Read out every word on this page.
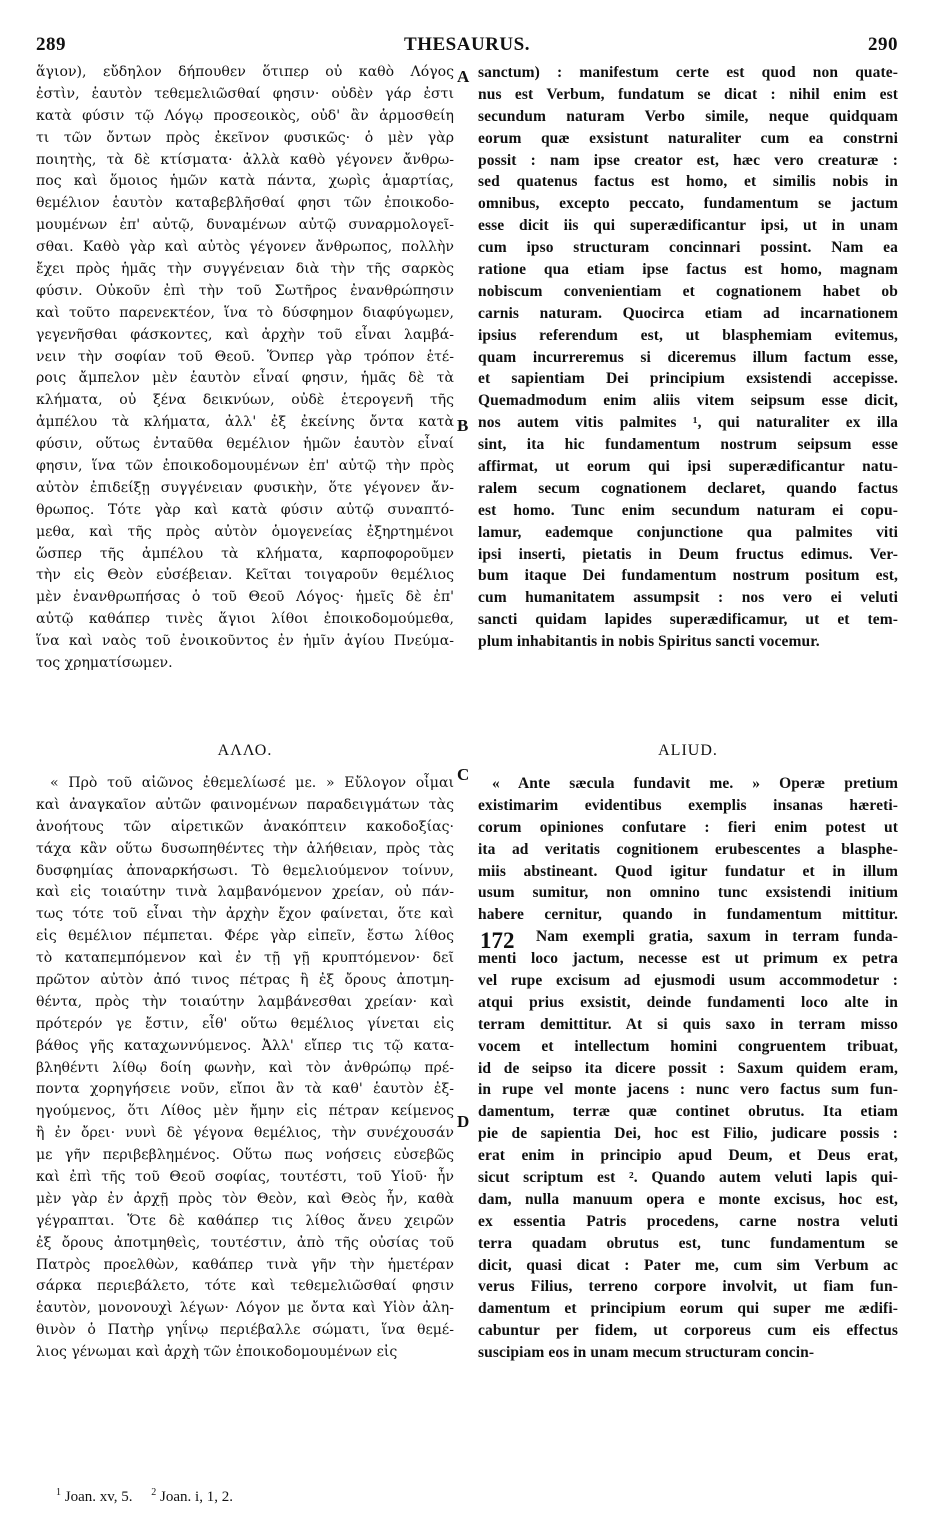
289	THESAURUS.	290
ἅγιον), εὔδηλον δήπουθεν ὅτιπερ οὐ καθὸ Λόγος
ἐστὶν, ἑαυτὸν τεθεμελιῶσθαί φησιν· οὐδὲν γάρ ἐστι
κατὰ φύσιν τῷ Λόγῳ προσεοικὸς, οὐδ' ἂν ἁρμοσθείη
τι τῶν ὄντων πρὸς ἐκεῖνον φυσικῶς· ὁ μὲν γὰρ
ποιητὴς, τὰ δὲ κτίσματα· ἀλλὰ καθὸ γέγονεν ἄνθρω-
πος καὶ ὅμοιος ἡμῶν κατὰ πάντα, χωρὶς ἁμαρτίας,
θεμέλιον ἑαυτὸν καταβεβλῆσθαί φησι τῶν ἐποικοδο-
μουμένων ἐπ' αὐτῷ, δυναμένων αὐτῷ συναρμολογεῖ-
σθαι. Καθὸ γὰρ καὶ αὐτὸς γέγονεν ἄνθρωπος, πολλὴν
ἔχει πρὸς ἡμᾶς τὴν συγγένειαν διὰ τὴν τῆς σαρκὸς
φύσιν. Οὐκοῦν ἐπὶ τὴν τοῦ Σωτῆρος ἐνανθρώπησιν
καὶ τοῦτο παρενεκτέον, ἵνα τὸ δύσφημον διαφύγωμεν,
γεγενῆσθαι φάσκοντες, καὶ ἀρχὴν τοῦ εἶναι λαμβά-
νειν τὴν σοφίαν τοῦ Θεοῦ. Ὅνπερ γὰρ τρόπον ἑτέ-
ροις ἄμπελον μὲν ἑαυτὸν εἶναί φησιν, ἡμᾶς δὲ τὰ
κλήματα, οὐ ξένα δεικνύων, οὐδὲ ἑτερογενῆ τῆς
ἀμπέλου τὰ κλήματα, ἀλλ' ἐξ ἐκείνης ὄντα κατὰ
φύσιν, οὕτως ἐνταῦθα θεμέλιον ἡμῶν ἑαυτὸν εἶναί
φησιν, ἵνα τῶν ἐποικοδομουμένων ἐπ' αὐτῷ τὴν πρὸς
αὐτὸν ἐπιδείξῃ συγγένειαν φυσικὴν, ὅτε γέγονεν ἄν-
θρωπος. Τότε γὰρ καὶ κατὰ φύσιν αὐτῷ συναπτό-
μεθα, καὶ τῆς πρὸς αὐτὸν ὁμογενείας ἐξηρτημένοι
ὥσπερ τῆς ἀμπέλου τὰ κλήματα, καρποφοροῦμεν
τὴν εἰς Θεὸν εὐσέβειαν. Κεῖται τοιγαροῦν θεμέλιος
μὲν ἐνανθρωπήσας ὁ τοῦ Θεοῦ Λόγος· ἡμεῖς δὲ ἐπ'
αὐτῷ καθάπερ τινὲς ἅγιοι λίθοι ἐποικοδομούμεθα,
ἵνα καὶ ναὸς τοῦ ἐνοικοῦντος ἐν ἡμῖν ἁγίου Πνεύμα-
τος χρηματίσωμεν.
sanctum) : manifestum certe est quod non quate-
nus est Verbum, fundatum se dicat : nihil enim est
secundum naturam Verbo simile, neque quidquam
eorum quæ exsistunt naturaliter cum ea constrni
possit : nam ipse creator est, hæc vero creaturæ :
sed quatenus factus est homo, et similis nobis in
omnibus, excepto peccato, fundamentum se jactum
esse dicit iis qui superædificantur ipsi, ut in unam
cum ipso structuram concinnari possint. Nam ea
ratione qua etiam ipse factus est homo, magnam
nobiscum convenientiam et cognationem habet ob
carnis naturam. Quocirca etiam ad incarnationem
ipsius referendum est, ut blasphemiam evitemus,
quam incurreremus si diceremus illum factum esse,
et sapientiam Dei principium exsistendi accepisse.
Quemadmodum enim aliis vitem seipsum esse dicit,
nos autem vitis palmites ¹, qui naturaliter ex illa
sint, ita hic fundamentum nostrum seipsum esse
affirmat, ut eorum qui ipsi superædificantur natu-
ralem secum cognationem declaret, quando factus
est homo. Tunc enim secundum naturam ei copu-
lamur, eademque conjunctione qua palmites viti
ipsi inserti, pietatis in Deum fructus edimus. Ver-
bum itaque Dei fundamentum nostrum positum est,
cum humanitatem assumpsit : nos vero ei veluti
sancti quidam lapides superædificamur, ut et tem-
plum inhabitantis in nobis Spiritus sancti vocemur.
A
B
C
D
ΑΛΛΟ.	ALIUD.
« Πρὸ τοῦ αἰῶνος ἐθεμελίωσέ με. » Εὔλογον οἶμαι
καὶ ἀναγκαῖον αὐτῶν φαινομένων παραδειγμάτων τὰς
ἀνοήτους τῶν αἱρετικῶν ἀνακόπτειν κακοδοξίας·
τάχα κἂν οὕτω δυσωπηθέντες τὴν ἀλήθειαν, πρὸς τὰς
δυσφημίας ἀποναρκήσωσι. Τὸ θεμελιούμενον τοίνυν,
καὶ εἰς τοιαύτην τινὰ λαμβανόμενον χρείαν, οὐ πάν-
τως τότε τοῦ εἶναι τὴν ἀρχὴν ἔχον φαίνεται, ὅτε καὶ
εἰς θεμέλιον πέμπεται. Φέρε γὰρ εἰπεῖν, ἔστω λίθος
τὸ καταπεμπόμενον καὶ ἐν τῇ γῇ κρυπτόμενον· δεῖ
πρῶτον αὐτὸν ἀπό τινος πέτρας ἢ ἐξ ὄρους ἀποτμη-
θέντα, πρὸς τὴν τοιαύτην λαμβάνεσθαι χρείαν· καὶ
πρότερόν γε ἔστιν, εἶθ' οὕτω θεμέλιος γίνεται εἰς
βάθος γῆς καταχωννύμενος. Ἀλλ' εἴπερ τις τῷ κατα-
βληθέντι λίθῳ δοίη φωνὴν, καὶ τὸν ἀνθρώπῳ πρέ-
ποντα χορηγήσειε νοῦν, εἴποι ἂν τὰ καθ' ἑαυτὸν ἐξ-
ηγούμενος, ὅτι Λίθος μὲν ἤμην εἰς πέτραν κείμενος
ἢ ἐν ὄρει· νυνὶ δὲ γέγονα θεμέλιος, τὴν συνέχουσάν
με γῆν περιβεβλημένος. Οὕτω πως νοήσεις εὐσεβῶς
καὶ ἐπὶ τῆς τοῦ Θεοῦ σοφίας, τουτέστι, τοῦ Υἱοῦ· ἦν
μὲν γὰρ ἐν ἀρχῇ πρὸς τὸν Θεὸν, καὶ Θεὸς ἦν, καθὰ
γέγραπται. Ὅτε δὲ καθάπερ τις λίθος ἄνευ χειρῶν
ἐξ ὄρους ἀποτμηθεὶς, τουτέστιν, ἀπὸ τῆς οὐσίας τοῦ
Πατρὸς προελθὼν, καθάπερ τινὰ γῆν τὴν ἡμετέραν
σάρκα περιεβάλετο, τότε καὶ τεθεμελιῶσθαί φησιν
ἑαυτὸν, μονονουχὶ λέγων· Λόγον με ὄντα καὶ Υἱὸν ἀλη-
θινὸν ὁ Πατὴρ γηΐνῳ περιέβαλλε σώματι, ἵνα θεμέ-
λιος γένωμαι καὶ ἀρχὴ τῶν ἐποικοδομουμένων εἰς
« Ante sæcula fundavit me. » Operæ pretium
existimarim evidentibus exemplis insanas hæreti-
corum opiniones confutare : fieri enim potest ut
ita ad veritatis cognitionem erubescentes a blasphe-
miis abstineant. Quod igitur fundatur et in illum
usum sumitur, non omnino tunc exsistendi initium
habere cernitur, quando in fundamentum mittitur.
Nam exempli gratia, saxum in terram funda-
menti loco jactum, necesse est ut primum ex petra
vel rupe excisum ad ejusmodi usum accommodetur :
atqui prius exsistit, deinde fundamenti loco alte in
terram demittitur. At si quis saxo in terram misso
vocem et intellectum homini congruentem tribuat,
id de seipso ita dicere possit : Saxum quidem eram,
in rupe vel monte jacens : nunc vero factus sum fun-
damentum, terræ quæ continet obrutus. Ita etiam
pie de sapientia Dei, hoc est Filio, judicare possis :
erat enim in principio apud Deum, et Deus erat,
sicut scriptum est ². Quando autem veluti lapis qui-
dam, nulla manuum opera e monte excisus, hoc est,
ex essentia Patris procedens, carne nostra veluti
terra quadam obrutus est, tunc fundamentum se
dicit, quasi dicat : Pater me, cum sim Verbum ac
verus Filius, terreno corpore involvit, ut fiam fun-
damentum et principium eorum qui super me ædifi-
cabuntur per fidem, ut corporeus cum eis effectus
suscipiam eos in unam mecum structuram concin-
172
$^1$ Joan. xv, 5. $^2$ Joan. i, 1, 2.
